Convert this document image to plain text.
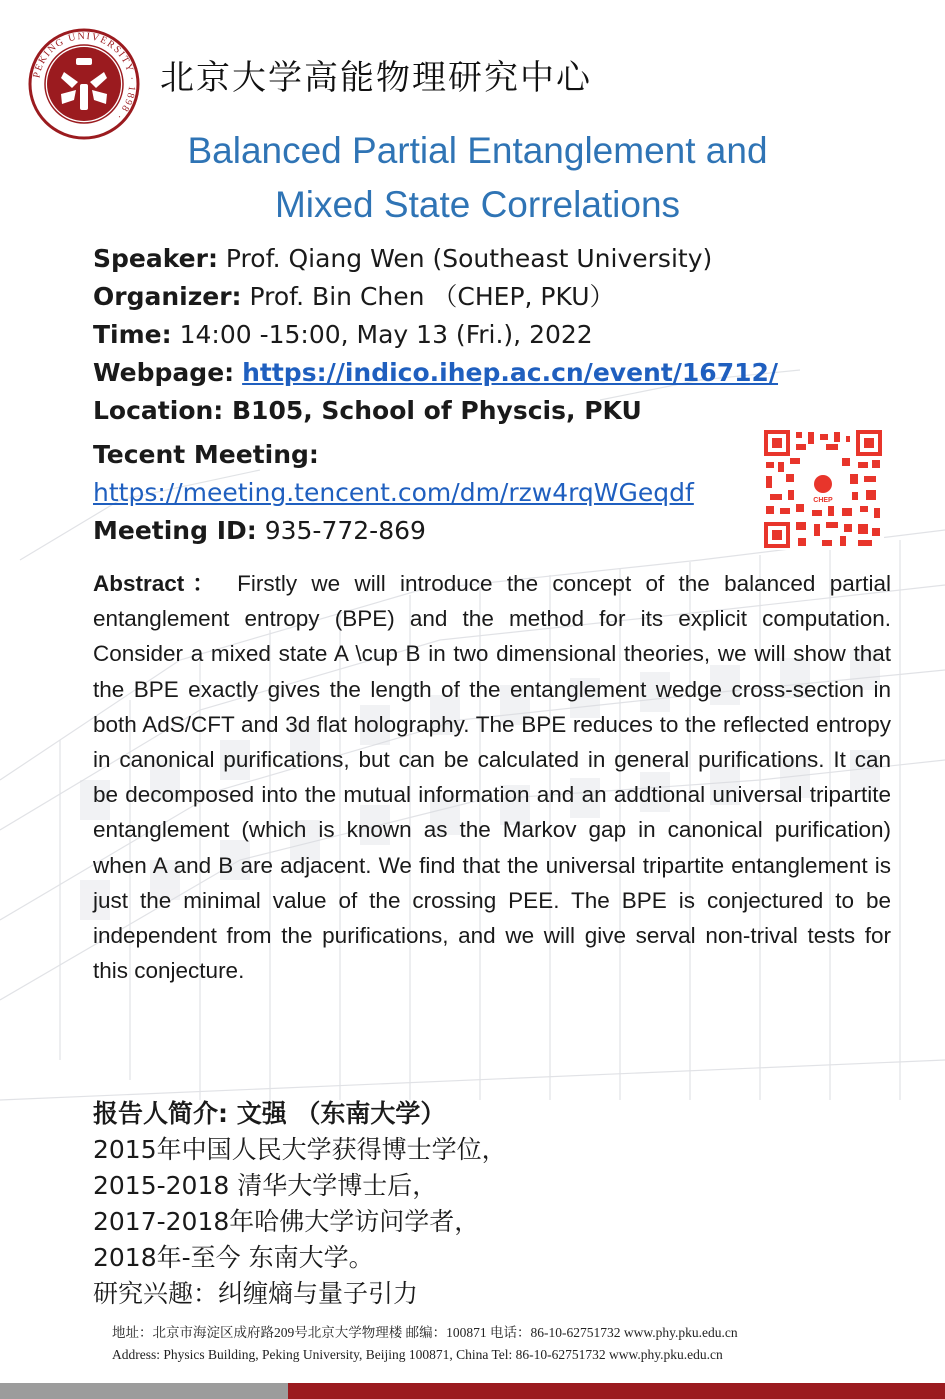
PEKING UNIVERSITY · 1898 ·
北京大学高能物理研究中心
Balanced Partial Entanglement and
Mixed State Correlations
Speaker: Prof. Qiang Wen (Southeast University)
Organizer: Prof. Bin Chen （CHEP, PKU）
Time: 14:00 -15:00, May 13 (Fri.), 2022
Webpage: https://indico.ihep.ac.cn/event/16712/
Location: B105, School of Physcis, PKU
Tecent Meeting:
https://meeting.tencent.com/dm/rzw4rqWGeqdf
Meeting ID: 935-772-869
CHEP
Abstract： Firstly we will introduce the concept of the balanced partial entanglement entropy (BPE) and the method for its explicit computation. Consider a mixed state A \cup B in two dimensional theories, we will show that the BPE exactly gives the length of the entanglement wedge cross-section in both AdS/CFT and 3d flat holography. The BPE reduces to the reflected entropy in canonical purifications, but can be calculated in general purifications. It can be decomposed into the mutual information and an addtional universal tripartite entanglement (which is known as the Markov gap in canonical purification) when A and B are adjacent. We find that the universal tripartite entanglement is just the minimal value of the crossing PEE. The BPE is conjectured to be independent from the purifications, and we will give serval non-trival tests for this conjecture.
报告人简介: 文强 （东南大学）
2015年中国人民大学获得博士学位，
2015-2018 清华大学博士后，
2017-2018年哈佛大学访问学者，
2018年-至今 东南大学。
研究兴趣：纠缠熵与量子引力
地址：北京市海淀区成府路209号北京大学物理楼 邮编：100871 电话：86-10-62751732 www.phy.pku.edu.cn
Address: Physics Building, Peking University, Beijing 100871, China Tel: 86-10-62751732 www.phy.pku.edu.cn
